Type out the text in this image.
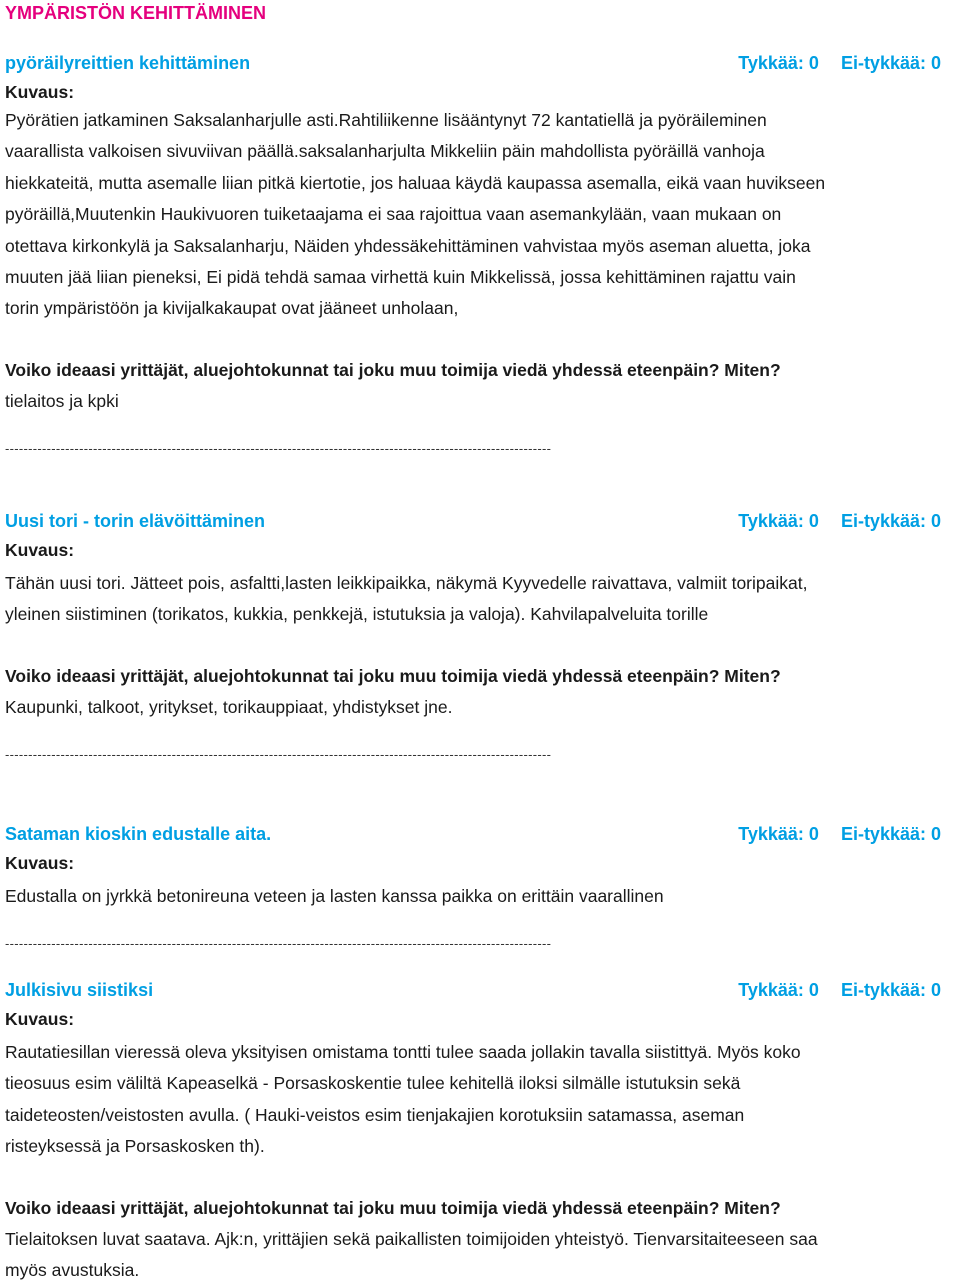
YMPÄRISTÖN KEHITTÄMINEN
pyöräilyreittien kehittäminen	Tykkää: 0 Ei-tykkää: 0
Kuvaus:
Pyörätien jatkaminen Saksalanharjulle asti.Rahtiliikenne lisääntynyt 72 kantatiellä ja pyöräileminen
vaarallista valkoisen sivuviivan päällä.saksalanharjulta Mikkeliin päin mahdollista pyöräillä vanhoja
hiekkateitä, mutta asemalle liian pitkä kiertotie, jos haluaa käydä kaupassa asemalla, eikä vaan huvikseen
pyöräillä,Muutenkin Haukivuoren tuiketaajama ei saa rajoittua vaan asemankylään, vaan mukaan on
otettava kirkonkylä ja Saksalanharju, Näiden yhdessäkehittäminen vahvistaa myös aseman aluetta, joka
muuten jää liian pieneksi, Ei pidä tehdä samaa virhettä kuin Mikkelissä, jossa kehittäminen rajattu vain
torin ympäristöön ja kivijalkakaupat ovat jääneet unholaan,
Voiko ideaasi yrittäjät, aluejohtokunnat tai joku muu toimija viedä yhdessä eteenpäin? Miten?
tielaitos ja kpki
----------------------------------------------------------------------------------------------------------------------
Uusi tori - torin elävöittäminen	Tykkää: 0 Ei-tykkää: 0
Kuvaus:
Tähän uusi tori. Jätteet pois, asfaltti,lasten leikkipaikka, näkymä Kyyvedelle raivattava, valmiit toripaikat,
yleinen siistiminen (torikatos, kukkia, penkkejä, istutuksia ja valoja). Kahvilapalveluita torille
Voiko ideaasi yrittäjät, aluejohtokunnat tai joku muu toimija viedä yhdessä eteenpäin? Miten?
Kaupunki, talkoot, yritykset, torikauppiaat, yhdistykset jne.
----------------------------------------------------------------------------------------------------------------------
Sataman kioskin edustalle aita.	Tykkää: 0 Ei-tykkää: 0
Kuvaus:
Edustalla on jyrkkä betonireuna veteen ja lasten kanssa paikka on erittäin vaarallinen
----------------------------------------------------------------------------------------------------------------------
Julkisivu siistiksi	Tykkää: 0 Ei-tykkää: 0
Kuvaus:
Rautatiesillan vieressä oleva yksityisen omistama tontti tulee saada jollakin tavalla siistittyä. Myös koko
tieosuus esim väliltä Kapeaselkä - Porsaskoskentie tulee kehitellä iloksi silmälle istutuksin sekä
taideteosten/veistosten avulla. ( Hauki-veistos esim tienjakajien korotuksiin satamassa, aseman
risteyksessä ja Porsaskosken th).
Voiko ideaasi yrittäjät, aluejohtokunnat tai joku muu toimija viedä yhdessä eteenpäin? Miten?
Tielaitoksen luvat saatava. Ajk:n, yrittäjien sekä paikallisten toimijoiden yhteistyö. Tienvarsitaiteeseen saa
myös avustuksia.
